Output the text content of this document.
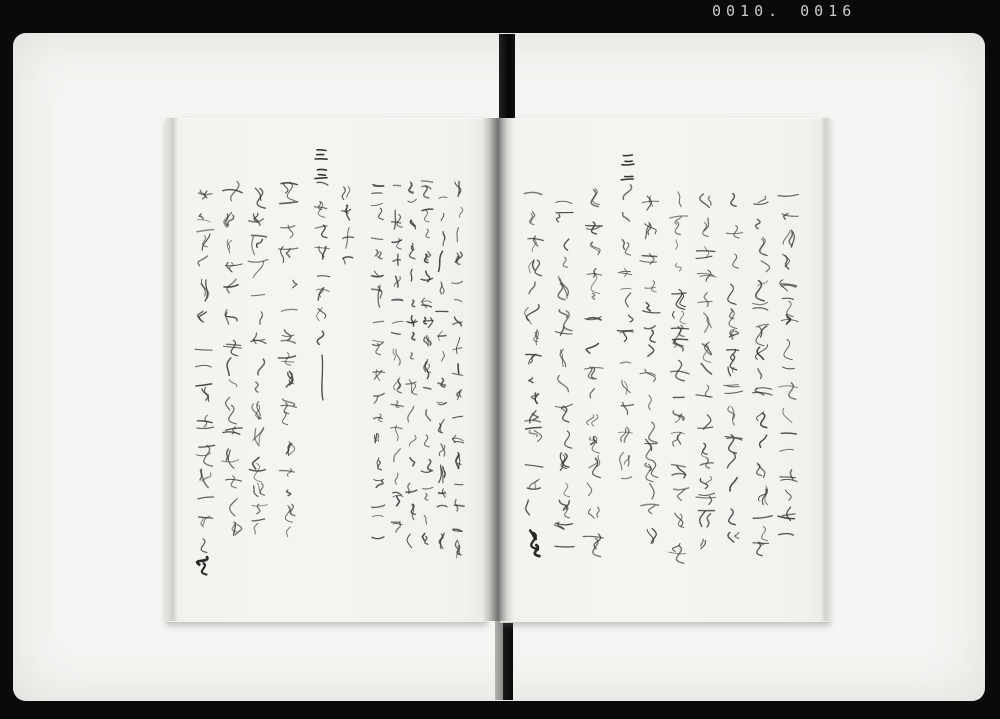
0010. 0016
